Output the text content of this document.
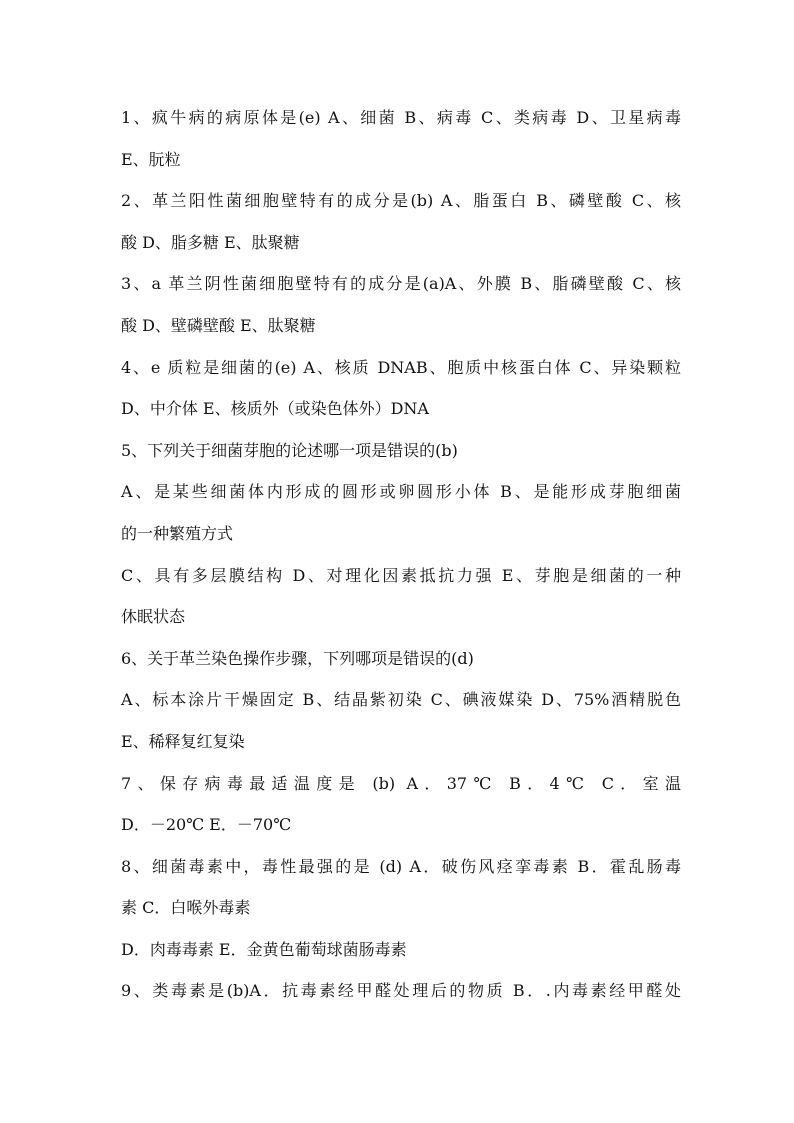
1、疯牛病的病原体是(e) A、细菌 B、病毒 C、类病毒 D、卫星病毒
E、朊粒
2、革兰阳性菌细胞壁特有的成分是(b) A、脂蛋白 B、磷壁酸 C、核
酸 D、脂多糖 E、肽聚糖
3、a 革兰阴性菌细胞壁特有的成分是(a)A、外膜 B、脂磷壁酸 C、核
酸 D、壁磷壁酸 E、肽聚糖
4、e 质粒是细菌的(e) A、核质 DNAB、胞质中核蛋白体 C、异染颗粒
D、中介体 E、核质外（或染色体外）DNA
5、下列关于细菌芽胞的论述哪一项是错误的(b)
A、是某些细菌体内形成的圆形或卵圆形小体 B、是能形成芽胞细菌
的一种繁殖方式
C、具有多层膜结构 D、对理化因素抵抗力强 E、芽胞是细菌的一种
休眠状态
6、关于革兰染色操作步骤，下列哪项是错误的(d)
A、标本涂片干燥固定 B、结晶紫初染 C、碘液媒染 D、75%酒精脱色
E、稀释复红复染
7、保存病毒最适温度是 (b) A．37℃ B．4℃ C．室温
D．－20℃ E．－70℃
8、细菌毒素中，毒性最强的是 (d) A．破伤风痉挛毒素 B．霍乱肠毒
素 C．白喉外毒素
D．肉毒毒素 E．金黄色葡萄球菌肠毒素
9、类毒素是(b)A．抗毒素经甲醛处理后的物质 B．.内毒素经甲醛处
